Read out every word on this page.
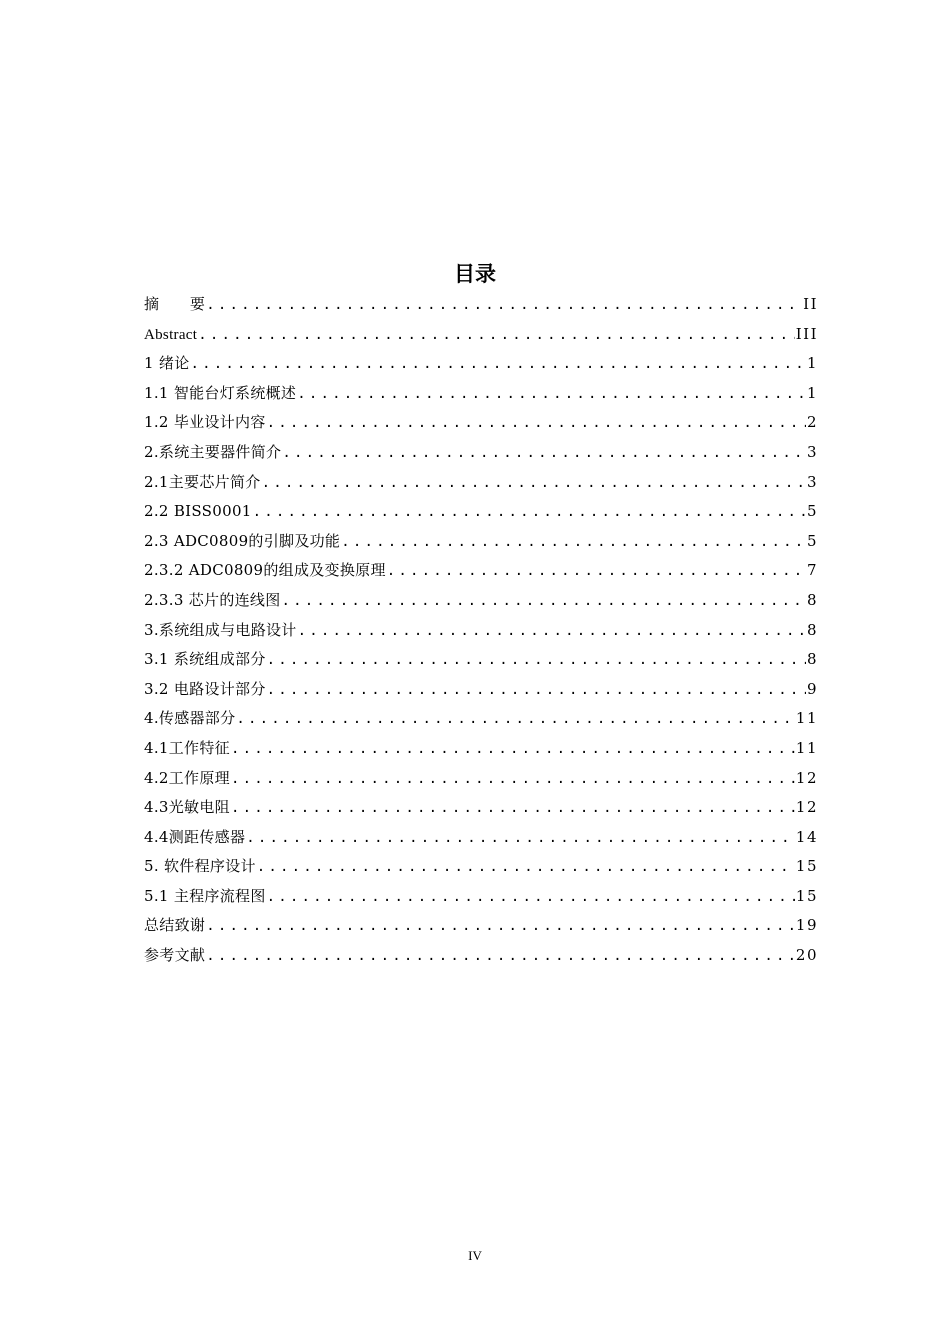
目录
摘　　要 .....	II
Abstract .....	III
1 绪论 .....	1
1.1 智能台灯系统概述 .....	1
1.2 毕业设计内容 .....	2
2.系统主要器件简介 .....	3
2.1主要芯片简介 .....	3
2.2 BISS0001 .....	5
2.3 ADC0809的引脚及功能 .....	5
2.3.2 ADC0809的组成及变换原理 .....	7
2.3.3 芯片的连线图 .....	8
3.系统组成与电路设计 .....	8
3.1 系统组成部分 .....	8
3.2 电路设计部分 .....	9
4.传感器部分 .....	11
4.1工作特征 .....	11
4.2工作原理 .....	12
4.3光敏电阻 .....	12
4.4测距传感器 .....	14
5. 软件程序设计 .....	15
5.1 主程序流程图 .....	15
总结致谢 .....	19
参考文献 .....	20
IV
